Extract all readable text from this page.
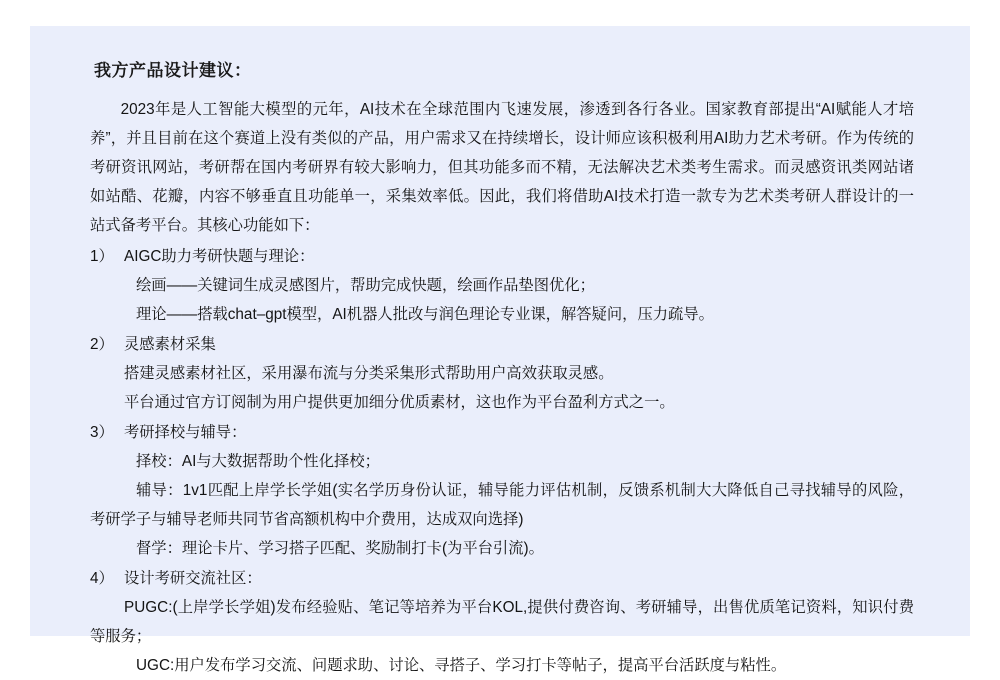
我方产品设计建议：

2023年是人工智能大模型的元年，AI技术在全球范围内飞速发展，渗透到各行各业。国家教育部提出“AI赋能人才培养”，并且目前在这个赛道上没有类似的产品，用户需求又在持续增长，设计师应该积极利用AI助力艺术考研。作为传统的考研资讯网站，考研帮在国内考研界有较大影响力，但其功能多而不精，无法解决艺术类考生需求。而灵感资讯类网站诸如站酷、花瓣，内容不够垂直且功能单一，采集效率低。因此，我们将借助AI技术打造一款专为艺术类考研人群设计的一站式备考平台。其核心功能如下：

1） AIGC助力考研快题与理论：
绘画——关键词生成灵感图片，帮助完成快题，绘画作品垫图优化；
理论——搭载chat–gpt模型，AI机器人批改与润色理论专业课，解答疑问，压力疏导。
2） 灵感素材采集
搭建灵感素材社区，采用瀑布流与分类采集形式帮助用户高效获取灵感。
平台通过官方订阅制为用户提供更加细分优质素材，这也作为平台盈利方式之一。
3） 考研择校与辅导：
择校：AI与大数据帮助个性化择校；
辅导：1v1匹配上岸学长学姐(实名学历身份认证，辅导能力评估机制，反馈系机制大大降低自己寻找辅导的风险，考研学子与辅导老师共同节省高额机构中介费用，达成双向选择)
督学：理论卡片、学习搭子匹配、奖励制打卡(为平台引流)。
4） 设计考研交流社区：
PUGC:(上岸学长学姐)发布经验贴、笔记等培养为平台KOL,提供付费咨询、考研辅导，出售优质笔记资料，知识付费 等服务；
UGC:用户发布学习交流、问题求助、讨论、寻搭子、学习打卡等帖子，提高平台活跃度与粘性。
